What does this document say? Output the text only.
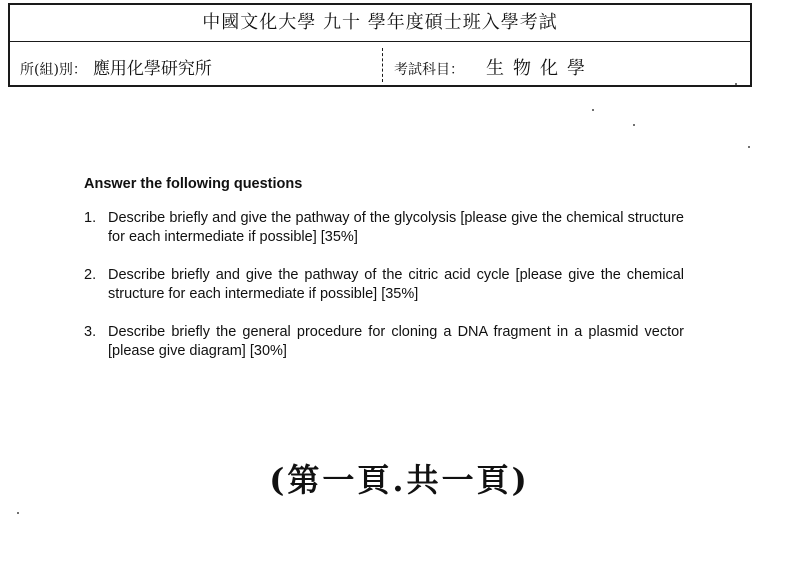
中國文化大學 九十 學年度碩士班入學考試
所(組)別： 應用化學研究所	考試科目： 生物化學

Answer the following questions

1. Describe briefly and give the pathway of the glycolysis [please give the chemical structure for each intermediate if possible] [35%]
2. Describe briefly and give the pathway of the citric acid cycle [please give the chemical structure for each intermediate if possible] [35%]
3. Describe briefly the general procedure for cloning a DNA fragment in a plasmid vector [please give diagram] [30%]
(第一頁.共一頁)
